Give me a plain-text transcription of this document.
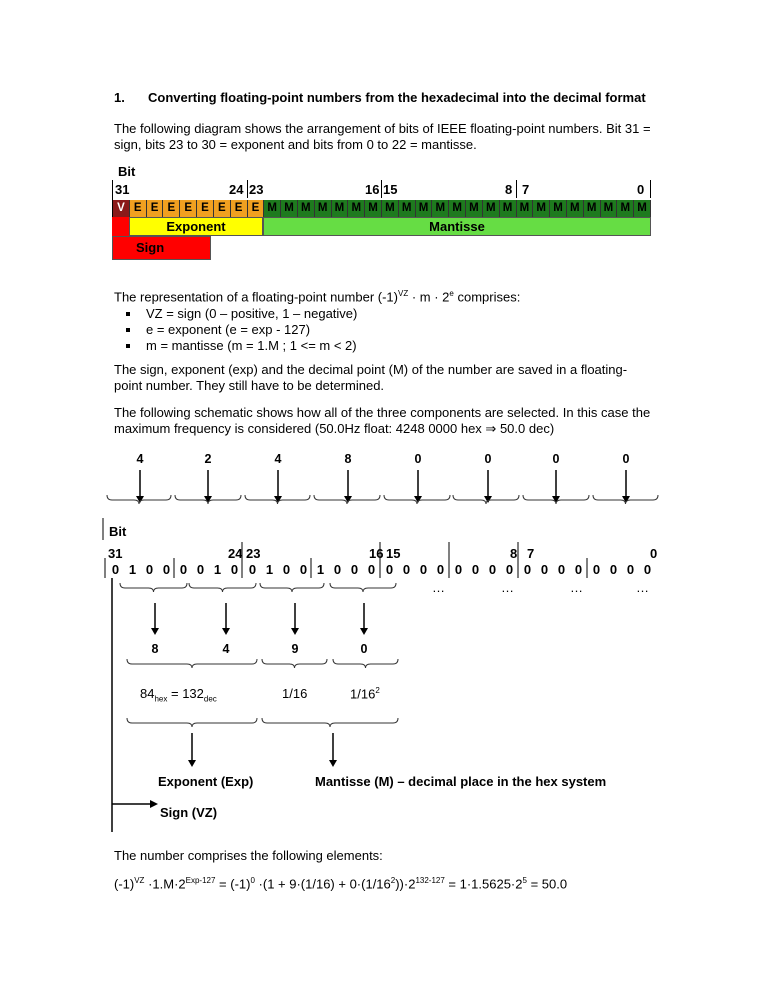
1. Converting floating-point numbers from the hexadecimal into the decimal format

The following diagram shows the arrangement of bits of IEEE floating-point numbers. Bit 31 = sign, bits 23 to 30 = exponent and bits from 0 to 22 = mantisse.

Bit
31	24 23	16 15	8 7	0
V E E E E E E E E M M M M M M M M M M M M M M M M M M M M M M M
Exponent	Mantisse
Sign

The representation of a floating-point number $(-1)^{VZ} \cdot m \cdot 2^e$ comprises:

VZ = sign (0 – positive, 1 – negative)
e = exponent (e = exp - 127)
m = mantisse (m = 1.M ; 1 <= m < 2)

The sign, exponent (exp) and the decimal point (M) of the number are saved in a floating-point number. They still have to be determined.

The following schematic shows how all of the three components are selected. In this case the

maximum frequency is considered (50.0Hz float: 4248 0000 hex ⇒ 50.0 dec)

4	2	4	8	0	0	0	0
Bit
31	24 23	16 15	8 7	0
0 1 0 0 0 0 1 0 0 1 0 0 1 0 0 0 0 0 0 0 0 0 0 0 0 0 0 0 0 0 0 0
…	…	…	…
8	4	9	0
$84_{hex} = 132_{dec}$	1/16	$1/16^2$
Exponent (Exp)	Mantisse (M) – decimal place in the hex system
Sign (VZ)

The number comprises the following elements:

$(-1)^{VZ} \cdot 1.M\cdot 2^{Exp-127} = (-1)^0 \cdot(1 + 9\cdot(1/16) + 0\cdot(1/16^2))\cdot 2^{132-127} = 1\cdot 1.5625\cdot 2^5 = 50.0$
